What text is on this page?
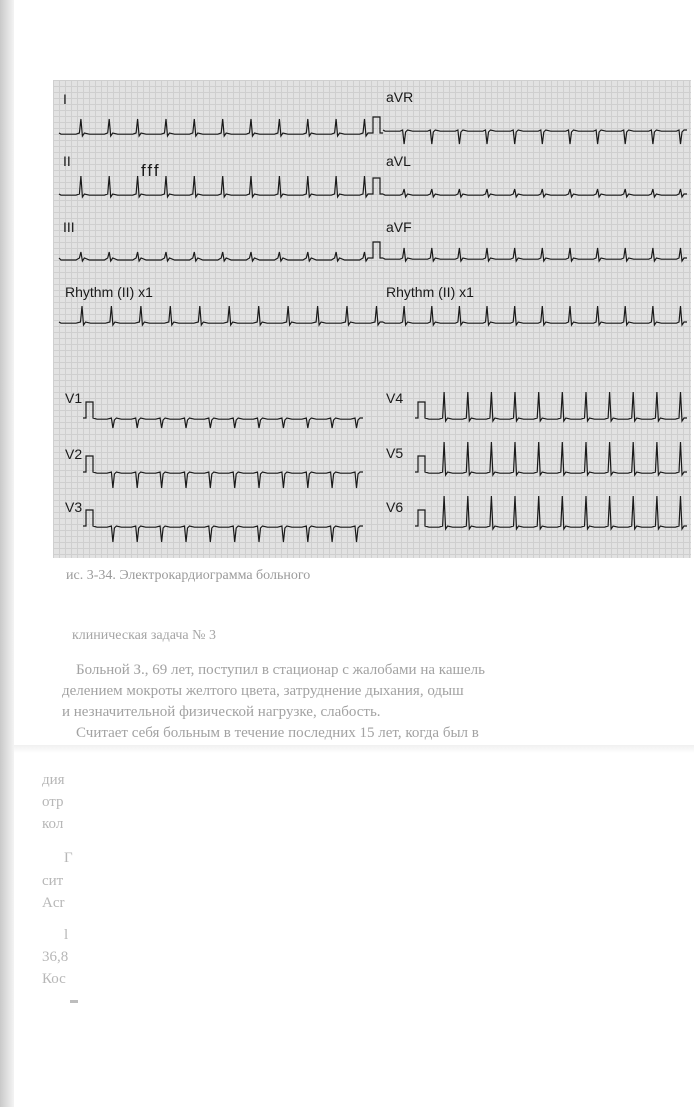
I	aVR
II	fff	aVL
III	aVF
Rhythm (II) x1	Rhythm (II) x1
V1
V2
V3
V4
V5
V6
ис. 3-34. Электрокардиограмма больного
клиническая задача № 3

Больной З., 69 лет, поступил в стационар с жалобами на кашель

делением мокроты желтого цвета, затруднение дыхания, одыш

и незначительной физической нагрузке, слабость.

Считает себя больным в течение последних 15 лет, когда был в

дия
отр
кол
Г
сит
Acr
l
36,8
Кос
